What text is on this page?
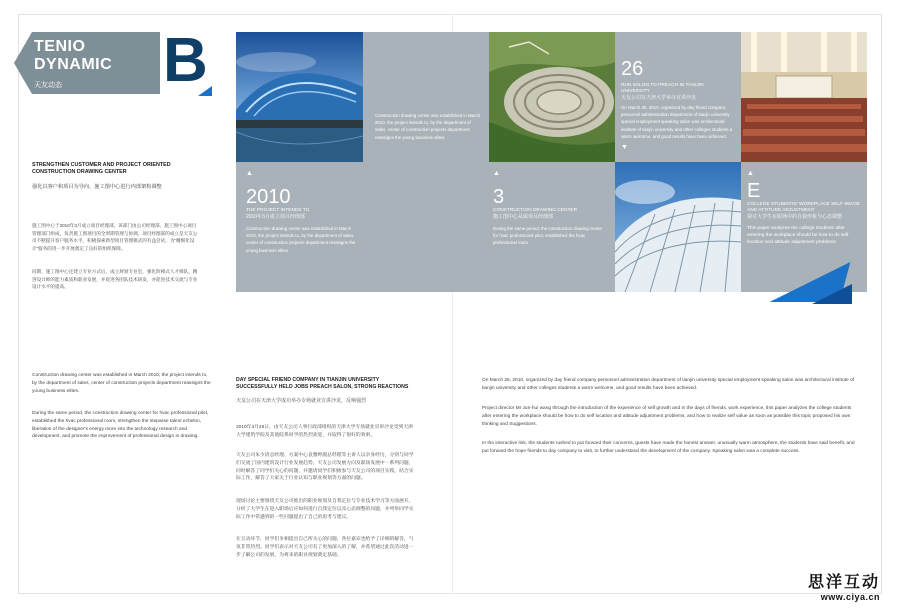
TENIO
DYNAMIC
天友动态 B
STRENGTHEN CUSTOMER AND PROJECT ORIENTED CONSTRUCTION DRAWING CENTER
强化以客户和项目为导向，施工图中心进行内部架构调整

施工图中心于2010年3月成立项目经理部，该部门由公司经理部、施工图中心项目管理部门组成，负责施工图项目的全周期管理与协调。项目经理部的成立是天友公司不断提升客户服务水平，积极探索新型项目管理模式的有益尝试，为“精细化设计”服务的进一步开展奠定了良好的组织保障。

同期，施工图中心还建立专业方式后，成立规划专业室，强化阶梯式人才梯队，精进设计师的能力素质和职业发展，并促进各团队技术研发，并促进技术交流与专业设计水平的提高。

Construction drawing center was established in March 2010, the project intends to, by the department of sales, center of construction projects department reassigns the young business elites.
26
RUN SALON TO PREACH IN TIANJIN UNIVERSITY
天友公司在天津大学举办宣讲沙龙
On March 26, 2010, organized by day friend company personnel administration department of tianjin university special employment speaking salon was architectural institute of tianjin university and other colleges students a warm welcome, and good results have been achieved.
▼
▲
2010
THE PROJECT INTENDS TO
2010年3月成立项目经理部
Construction drawing center was established in March 2010, the project intends to, by the department of sales, center of construction projects department reassigns the young business elites.
▲
3
CONSTRUCTION DRAWING CENTER
施工图中心从属项目经理部
During the same period, the construction drawing center for hvac professional pilot, established the hvac professional room.
▲
E
COLLEGE STUDENTS' WORKPLACE SELF-IMAGE AND ATTITUDE ADJUSTMENT
探讨大学生在职场中的自我形象与心态调整
This paper analyzes the college students after entering the workplace should be how to do self location and attitude adjustment problems

Construction drawing center was established in March 2010, the project intends to, by the department of sales, center of construction projects department reassigns the young business elites.

During the same period, the construction drawing center for hvac professional pilot, established the hvac professional room, strengthen the stepwise talent echelon, liberation of the designer's energy more into the technology research and development, and promote the improvement of professional design in drawing.

DAY SPECIAL FRIEND COMPANY IN TIANJIN UNIVERSITY SUCCESSFULLY HELD JOBS PREACH SALON, STRONG REACTIONS
天友公司在天津大学成功举办专场就业宣讲沙龙，反响强烈

2010年3月26日，由天友公司人事行政部组织的天津大学专场就业宣讲沙龙受到天津大学建筑学院及其他院系同学的热烈欢迎，并取得了很好的效果。

天友公司朱少清总经理、方案中心袁雅婷副总经理等主讲人以亲身经历，分别与同学们交流了国内建筑设计行业发展趋势、天友公司发展方向及职场发展中一系列问题，同时解答了同学们关心的问题，并邀请同学们积极参与天友公司的项目实践，结合实际工作，解答了大家关于行业认知与职业规划等方面的问题。

现场讨论主要围绕天友公司推出的职业规划及自我定位与专业技术学习等方面展开，分析了大学生在进入职场后应如何进行自我定位以及心态调整的问题，并列举同学实际工作中常遇到的一些问题提出了自己的思考与建议。

在互动环节，同学们争相提出自己所关心的问题，各位嘉宾也给予了详细的解答，气氛非常热烈。同学们表示对天友公司有了更加深入的了解，并希望通过此次活动进一步了解公司的发展，为将来的职业规划奠定基础。

On March 26, 2010, organized by day friend company personnel administration department of tianjin university special employment speaking salon was architectural institute of tianjin university and other colleges students a warm welcome, and good results have been achieved.

Project director Mr Jun-hui wang through the introduction of the experience of self growth and in the days of friends, work experience, this paper analyzes the college students after entering the workplace should be how to do self location and attitude adjustment problems, and how to realize self value as soon as possible this topic proposed his own thinking and Suggestions.

In the interactive link, the students rushed to put forward their concerns, guests have made the honest answer, unusually warm atmosphere, the students have said benefit, and put forward the hope friends to day company to visit, to further understand the development of the company. Speaking salon was a complete success.

思洋互动
www.ciya.cn
